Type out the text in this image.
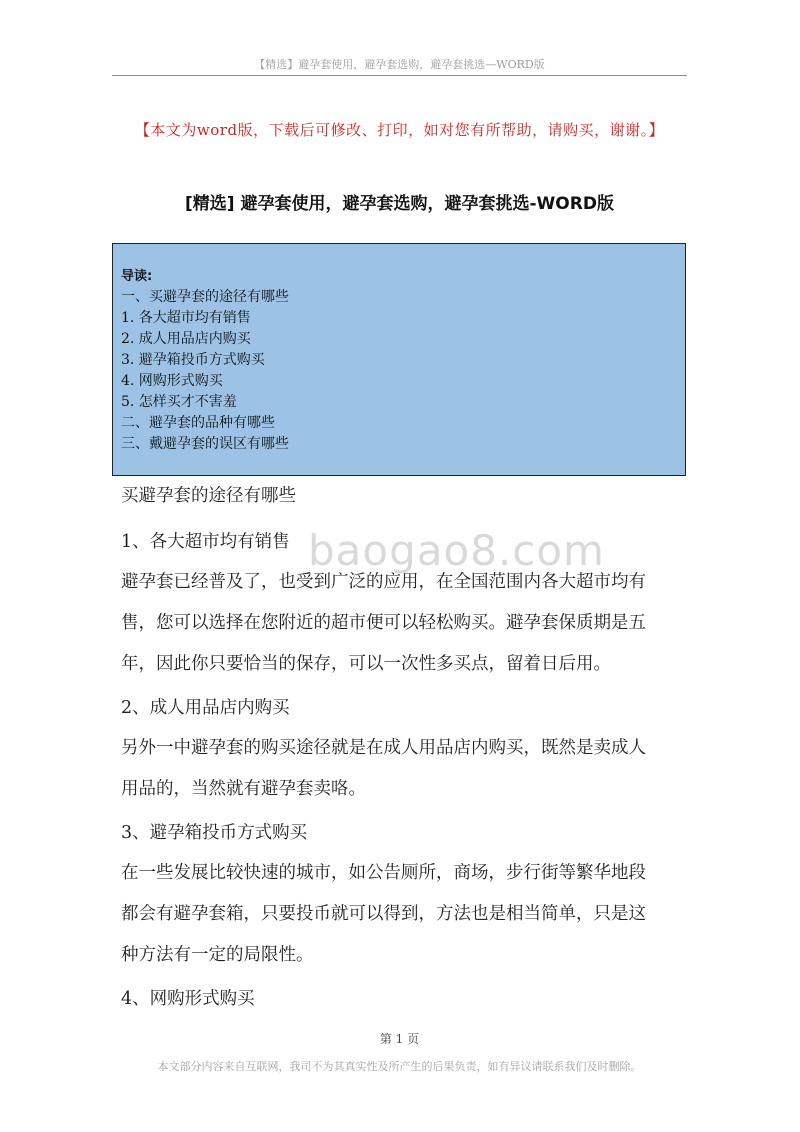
【精选】避孕套使用，避孕套选购，避孕套挑选—WORD版
【本文为word版，下载后可修改、打印，如对您有所帮助，请购买，谢谢。】
[精选] 避孕套使用，避孕套选购，避孕套挑选-WORD版
导读:
一、买避孕套的途径有哪些
1. 各大超市均有销售
2. 成人用品店内购买
3. 避孕箱投币方式购买
4. 网购形式购买
5. 怎样买才不害羞
二、避孕套的品种有哪些
三、戴避孕套的误区有哪些
买避孕套的途径有哪些
baogao8.com
1、各大超市均有销售
避孕套已经普及了，也受到广泛的应用，在全国范围内各大超市均有
售，您可以选择在您附近的超市便可以轻松购买。避孕套保质期是五
年，因此你只要恰当的保存，可以一次性多买点，留着日后用。
2、成人用品店内购买
另外一中避孕套的购买途径就是在成人用品店内购买，既然是卖成人
用品的，当然就有避孕套卖咯。
3、避孕箱投币方式购买
在一些发展比较快速的城市，如公告厕所，商场，步行街等繁华地段
都会有避孕套箱，只要投币就可以得到，方法也是相当简单，只是这
种方法有一定的局限性。
4、网购形式购买
第 1 页
本文部分内容来自互联网，我司不为其真实性及所产生的后果负责，如有异议请联系我们及时删除。
